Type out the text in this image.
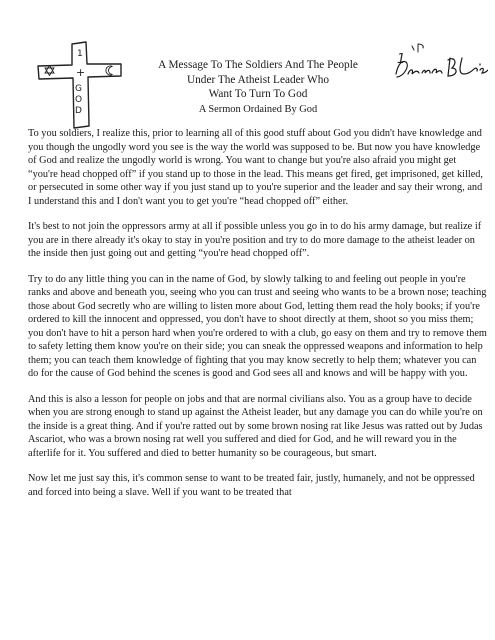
1
+
GOD
A Message To The Soldiers And The People
Under The Atheist Leader Who
Want To Turn To God
A Sermon Ordained By God
1

To you soldiers, I realize this, prior to learning all of this good stuff about God you didn't have knowledge and you though the ungodly word you see is the way the world was supposed to be. But now you have knowledge of God and realize the ungodly world is wrong. You want to change but you're also afraid you might get “you're head chopped off” if you stand up to those in the lead. This means get fired, get imprisoned, get killed, or persecuted in some other way if you just stand up to you're superior and the leader and say their wrong, and I understand this and I don't want you to get you're “head chopped off” either.

It's best to not join the oppressors army at all if possible unless you go in to do his army damage, but realize if you are in there already it's okay to stay in you're position and try to do more damage to the atheist leader on the inside then just going out and getting “you're head chopped off”.

Try to do any little thing you can in the name of God, by slowly talking to and feeling out people in you're ranks and above and beneath you, seeing who you can trust and seeing who wants to be a brown nose; teaching those about God secretly who are willing to listen more about God, letting them read the holy books; if you're ordered to kill the innocent and oppressed, you don't have to shoot directly at them, shoot so you miss them; you don't have to hit a person hard when you're ordered to with a club, go easy on them and try to remove them to safety letting them know you're on their side; you can sneak the oppressed weapons and information to help them; you can teach them knowledge of fighting that you may know secretly to help them; whatever you can do for the cause of God behind the scenes is good and God sees all and knows and will be happy with you.

And this is also a lesson for people on jobs and that are normal civilians also. You as a group have to decide when you are strong enough to stand up against the Atheist leader, but any damage you can do while you're on the inside is a great thing. And if you're ratted out by some brown nosing rat like Jesus was ratted out by Judas Ascariot, who was a brown nosing rat well you suffered and died for God, and he will reward you in the afterlife for it. You suffered and died to better humanity so be courageous, but smart.

Now let me just say this, it's common sense to want to be treated fair, justly, humanely, and not be oppressed and forced into being a slave. Well if you want to be treated that
